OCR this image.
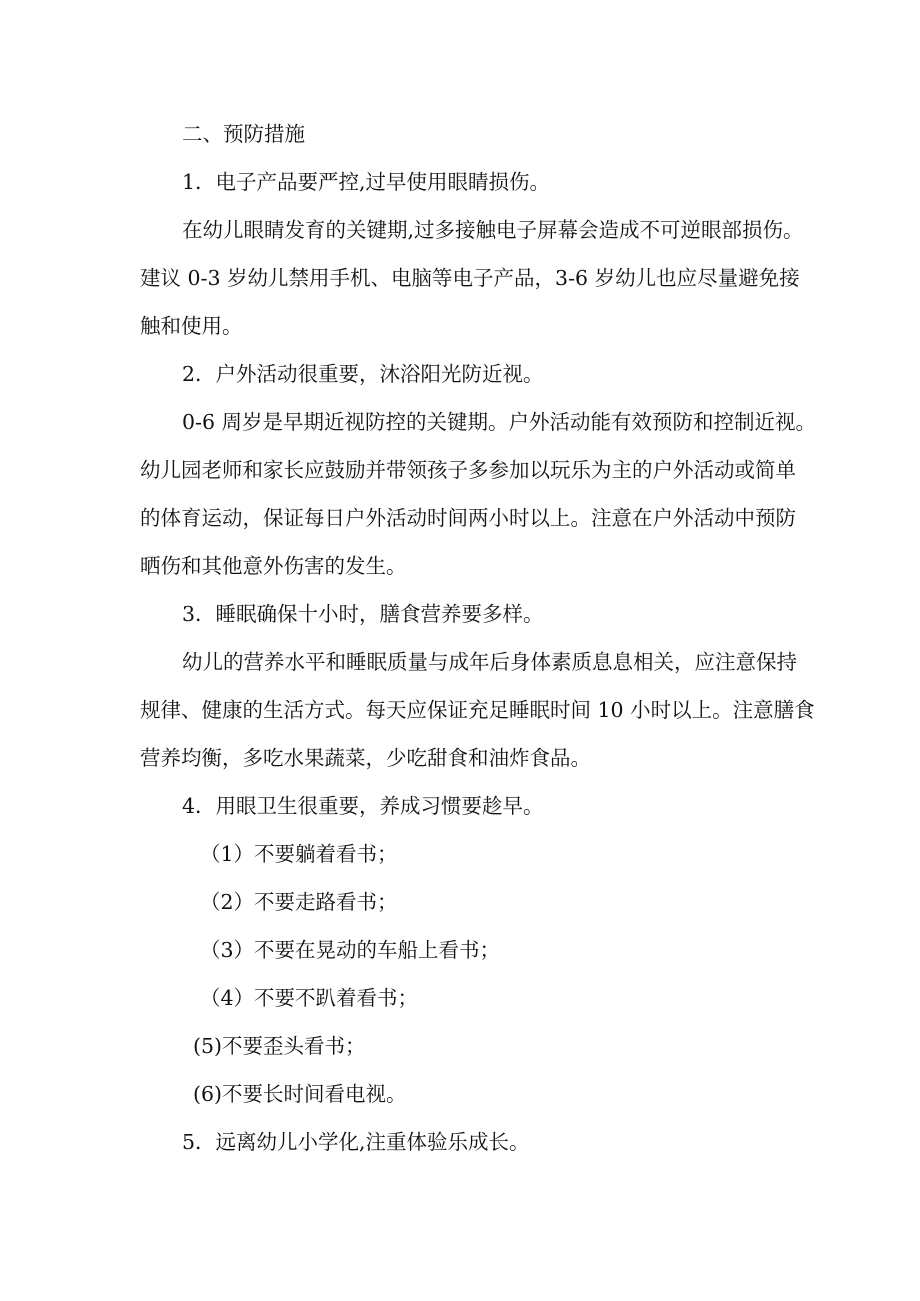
二、预防措施
1．电子产品要严控,过早使用眼睛损伤。
在幼儿眼睛发育的关键期,过多接触电子屏幕会造成不可逆眼部损伤。
建议 0-3 岁幼儿禁用手机、电脑等电子产品，3-6 岁幼儿也应尽量避免接
触和使用。
2．户外活动很重要，沐浴阳光防近视。
0-6 周岁是早期近视防控的关键期。户外活动能有效预防和控制近视。
幼儿园老师和家长应鼓励并带领孩子多参加以玩乐为主的户外活动或简单
的体育运动，保证每日户外活动时间两小时以上。注意在户外活动中预防
晒伤和其他意外伤害的发生。
3．睡眠确保十小时，膳食营养要多样。
幼儿的营养水平和睡眠质量与成年后身体素质息息相关，应注意保持
规律、健康的生活方式。每天应保证充足睡眠时间 10 小时以上。注意膳食
营养均衡，多吃水果蔬菜，少吃甜食和油炸食品。
4．用眼卫生很重要，养成习惯要趁早。
（1）不要躺着看书；
（2）不要走路看书；
（3）不要在晃动的车船上看书；
（4）不要不趴着看书；
(5)不要歪头看书；
(6)不要长时间看电视。
5．远离幼儿小学化,注重体验乐成长。
